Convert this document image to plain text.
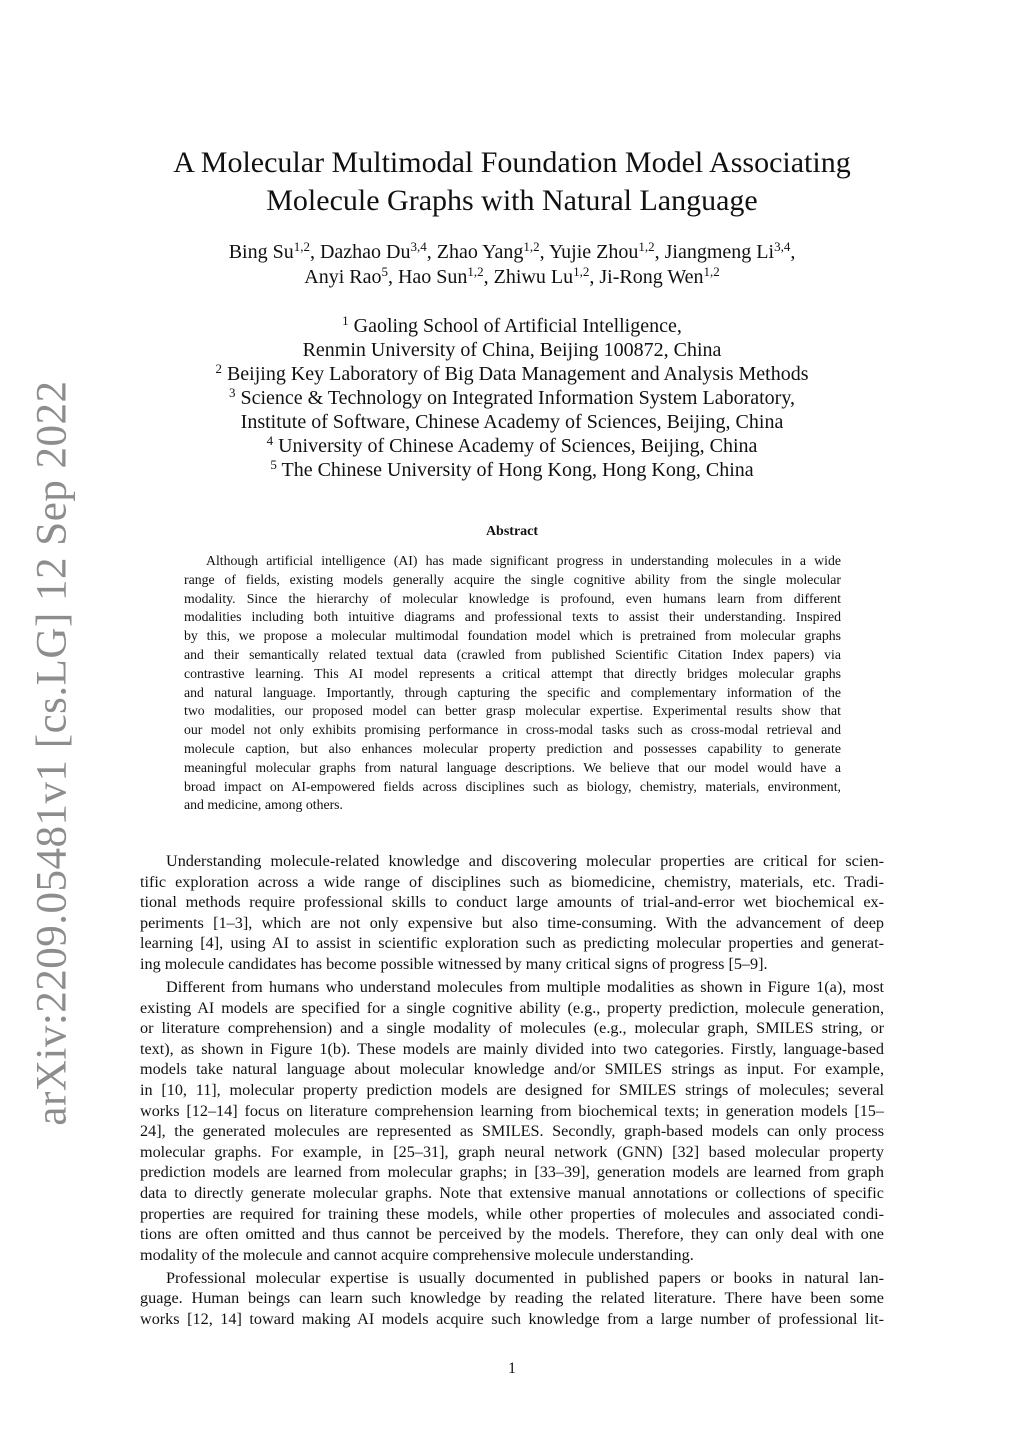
arXiv:2209.05481v1 [cs.LG] 12 Sep 2022
A Molecular Multimodal Foundation Model Associating
Molecule Graphs with Natural Language
Bing Su$^{1,2}$, Dazhao Du$^{3,4}$, Zhao Yang$^{1,2}$, Yujie Zhou$^{1,2}$, Jiangmeng Li$^{3,4}$,
Anyi Rao$^5$, Hao Sun$^{1,2}$, Zhiwu Lu$^{1,2}$, Ji-Rong Wen$^{1,2}$
$^1$ Gaoling School of Artificial Intelligence,
Renmin University of China, Beijing 100872, China
$^2$ Beijing Key Laboratory of Big Data Management and Analysis Methods
$^3$ Science & Technology on Integrated Information System Laboratory,
Institute of Software, Chinese Academy of Sciences, Beijing, China
$^4$ University of Chinese Academy of Sciences, Beijing, China
$^5$ The Chinese University of Hong Kong, Hong Kong, China
Abstract
Although artificial intelligence (AI) has made significant progress in understanding molecules in a wide
range of fields, existing models generally acquire the single cognitive ability from the single molecular
modality. Since the hierarchy of molecular knowledge is profound, even humans learn from different
modalities including both intuitive diagrams and professional texts to assist their understanding. Inspired
by this, we propose a molecular multimodal foundation model which is pretrained from molecular graphs
and their semantically related textual data (crawled from published Scientific Citation Index papers) via
contrastive learning. This AI model represents a critical attempt that directly bridges molecular graphs
and natural language. Importantly, through capturing the specific and complementary information of the
two modalities, our proposed model can better grasp molecular expertise. Experimental results show that
our model not only exhibits promising performance in cross-modal tasks such as cross-modal retrieval and
molecule caption, but also enhances molecular property prediction and possesses capability to generate
meaningful molecular graphs from natural language descriptions. We believe that our model would have a
broad impact on AI-empowered fields across disciplines such as biology, chemistry, materials, environment,
and medicine, among others.
Understanding molecule-related knowledge and discovering molecular properties are critical for scien-
tific exploration across a wide range of disciplines such as biomedicine, chemistry, materials, etc. Tradi-
tional methods require professional skills to conduct large amounts of trial-and-error wet biochemical ex-
periments [1–3], which are not only expensive but also time-consuming. With the advancement of deep
learning [4], using AI to assist in scientific exploration such as predicting molecular properties and generat-
ing molecule candidates has become possible witnessed by many critical signs of progress [5–9].
Different from humans who understand molecules from multiple modalities as shown in Figure 1(a), most
existing AI models are specified for a single cognitive ability (e.g., property prediction, molecule generation,
or literature comprehension) and a single modality of molecules (e.g., molecular graph, SMILES string, or
text), as shown in Figure 1(b). These models are mainly divided into two categories. Firstly, language-based
models take natural language about molecular knowledge and/or SMILES strings as input. For example,
in [10, 11], molecular property prediction models are designed for SMILES strings of molecules; several
works [12–14] focus on literature comprehension learning from biochemical texts; in generation models [15–
24], the generated molecules are represented as SMILES. Secondly, graph-based models can only process
molecular graphs. For example, in [25–31], graph neural network (GNN) [32] based molecular property
prediction models are learned from molecular graphs; in [33–39], generation models are learned from graph
data to directly generate molecular graphs. Note that extensive manual annotations or collections of specific
properties are required for training these models, while other properties of molecules and associated condi-
tions are often omitted and thus cannot be perceived by the models. Therefore, they can only deal with one
modality of the molecule and cannot acquire comprehensive molecule understanding.
Professional molecular expertise is usually documented in published papers or books in natural lan-
guage. Human beings can learn such knowledge by reading the related literature. There have been some
works [12, 14] toward making AI models acquire such knowledge from a large number of professional lit-
1
